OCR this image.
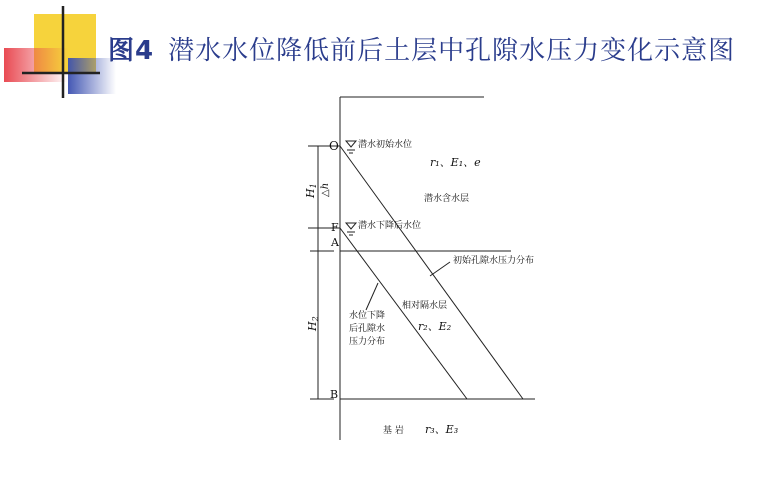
O
F
A
B
H1 △h
H2
潜水初始水位
潜水下降后水位
r₁、E₁、e
潜水含水层
初始孔隙水压力分布
相对隔水层
r₂、E₂
水位下降
后孔隙水
压力分布
基 岩 r₃、E₃
图4 潜水水位降低前后土层中孔隙水压力变化示意图
